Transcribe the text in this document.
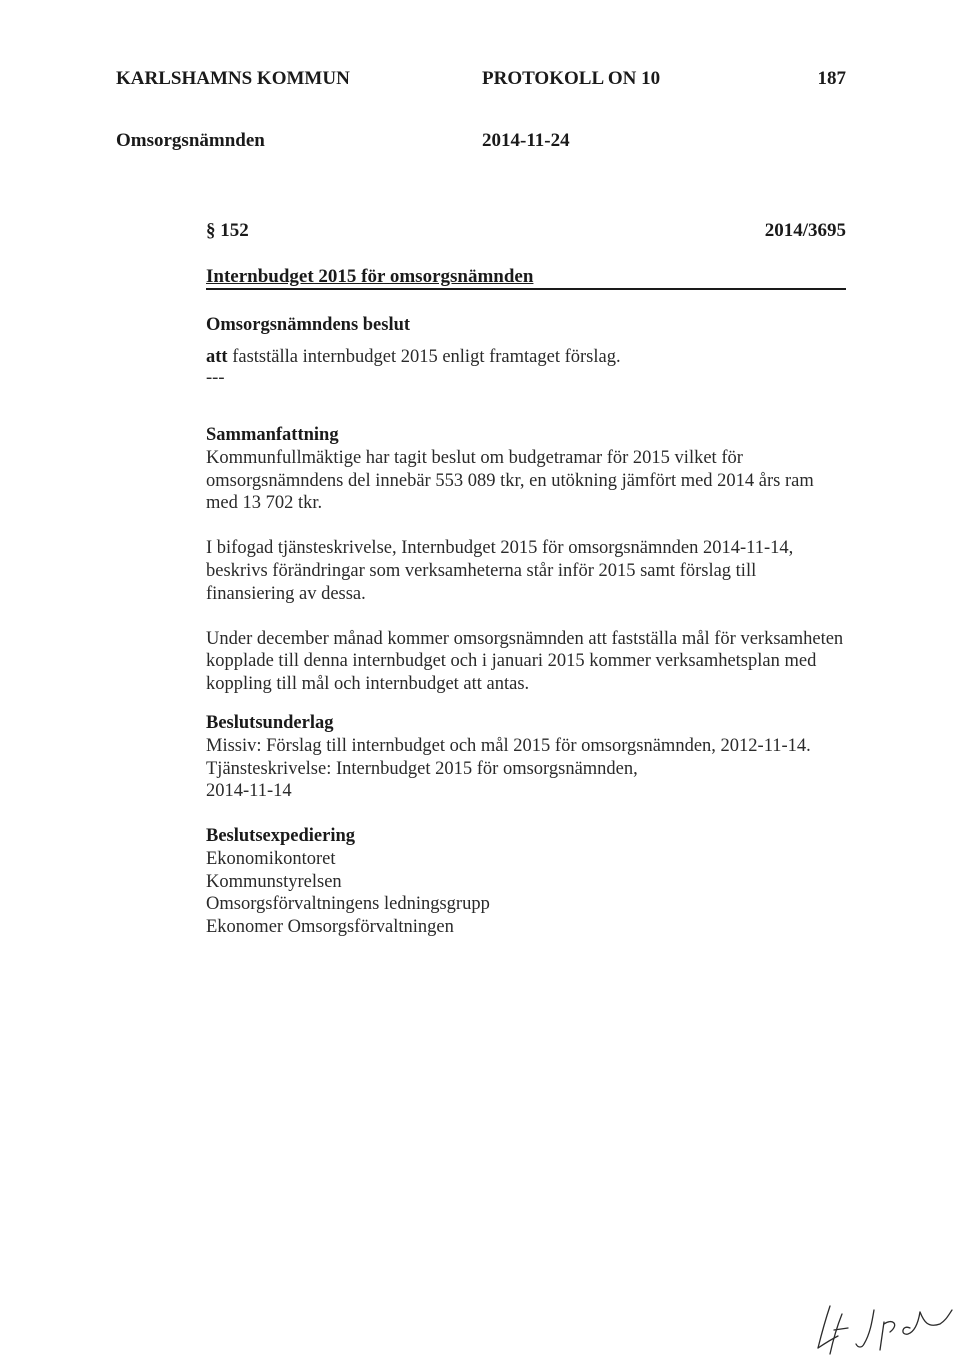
KARLSHAMNS KOMMUN	PROTOKOLL ON 10	187
Omsorgsnämnden	2014-11-24
§ 152	2014/3695
Internbudget 2015 för omsorgsnämnden
Omsorgsnämndens beslut
att fastställa internbudget 2015 enligt framtaget förslag.
---
Sammanfattning

Kommunfullmäktige har tagit beslut om budgetramar för 2015 vilket för omsorgsnämndens del innebär 553 089 tkr, en utökning jämfört med 2014 års ram med 13 702 tkr.

I bifogad tjänsteskrivelse, Internbudget 2015 för omsorgsnämnden 2014-11-14, beskrivs förändringar som verksamheterna står inför 2015 samt förslag till finansiering av dessa.

Under december månad kommer omsorgsnämnden att fastställa mål för verksamheten kopplade till denna internbudget och i januari 2015 kommer verksamhetsplan med koppling till mål och internbudget att antas.

Beslutsunderlag
Missiv: Förslag till internbudget och mål 2015 för omsorgsnämnden, 2012-11-14.
Tjänsteskrivelse: Internbudget 2015 för omsorgsnämnden,
2014-11-14
Beslutsexpediering
Ekonomikontoret
Kommunstyrelsen
Omsorgsförvaltningens ledningsgrupp
Ekonomer Omsorgsförvaltningen
